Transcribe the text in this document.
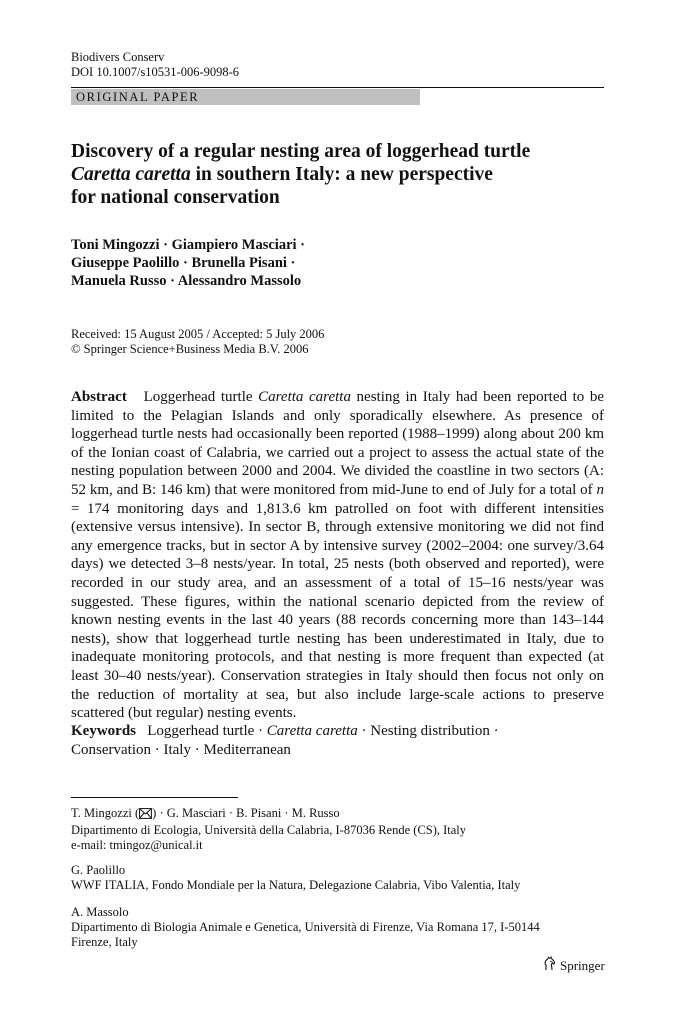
Biodivers Conserv
DOI 10.1007/s10531-006-9098-6
ORIGINAL PAPER
Discovery of a regular nesting area of loggerhead turtle
Caretta caretta in southern Italy: a new perspective
for national conservation
Toni Mingozzi · Giampiero Masciari ·
Giuseppe Paolillo · Brunella Pisani ·
Manuela Russo · Alessandro Massolo
Received: 15 August 2005 / Accepted: 5 July 2006
© Springer Science+Business Media B.V. 2006
Abstract Loggerhead turtle Caretta caretta nesting in Italy had been reported to be limited to the Pelagian Islands and only sporadically elsewhere. As presence of loggerhead turtle nests had occasionally been reported (1988–1999) along about 200 km of the Ionian coast of Calabria, we carried out a project to assess the actual state of the nesting population between 2000 and 2004. We divided the coastline in two sectors (A: 52 km, and B: 146 km) that were monitored from mid-June to end of July for a total of n = 174 monitoring days and 1,813.6 km patrolled on foot with different intensities (extensive versus intensive). In sector B, through extensive monitoring we did not find any emergence tracks, but in sector A by intensive survey (2002–2004: one survey/3.64 days) we detected 3–8 nests/year. In total, 25 nests (both observed and reported), were recorded in our study area, and an assessment of a total of 15–16 nests/year was suggested. These figures, within the national scenario depicted from the review of known nesting events in the last 40 years (88 records concerning more than 143–144 nests), show that loggerhead turtle nesting has been underestimated in Italy, due to inadequate monitoring protocols, and that nesting is more frequent than expected (at least 30–40 nests/year). Conservation strategies in Italy should then focus not only on the reduction of mortality at sea, but also include large-scale actions to preserve scattered (but regular) nesting events.
Keywords Loggerhead turtle · Caretta caretta · Nesting distribution ·
Conservation · Italy · Mediterranean
T. Mingozzi ( ) · G. Masciari · B. Pisani · M. Russo
Dipartimento di Ecologia, Università della Calabria, I-87036 Rende (CS), Italy
e-mail: tmingoz@unical.it
G. Paolillo
WWF ITALIA, Fondo Mondiale per la Natura, Delegazione Calabria, Vibo Valentia, Italy
A. Massolo
Dipartimento di Biologia Animale e Genetica, Università di Firenze, Via Romana 17, I-50144
Firenze, Italy
Springer
